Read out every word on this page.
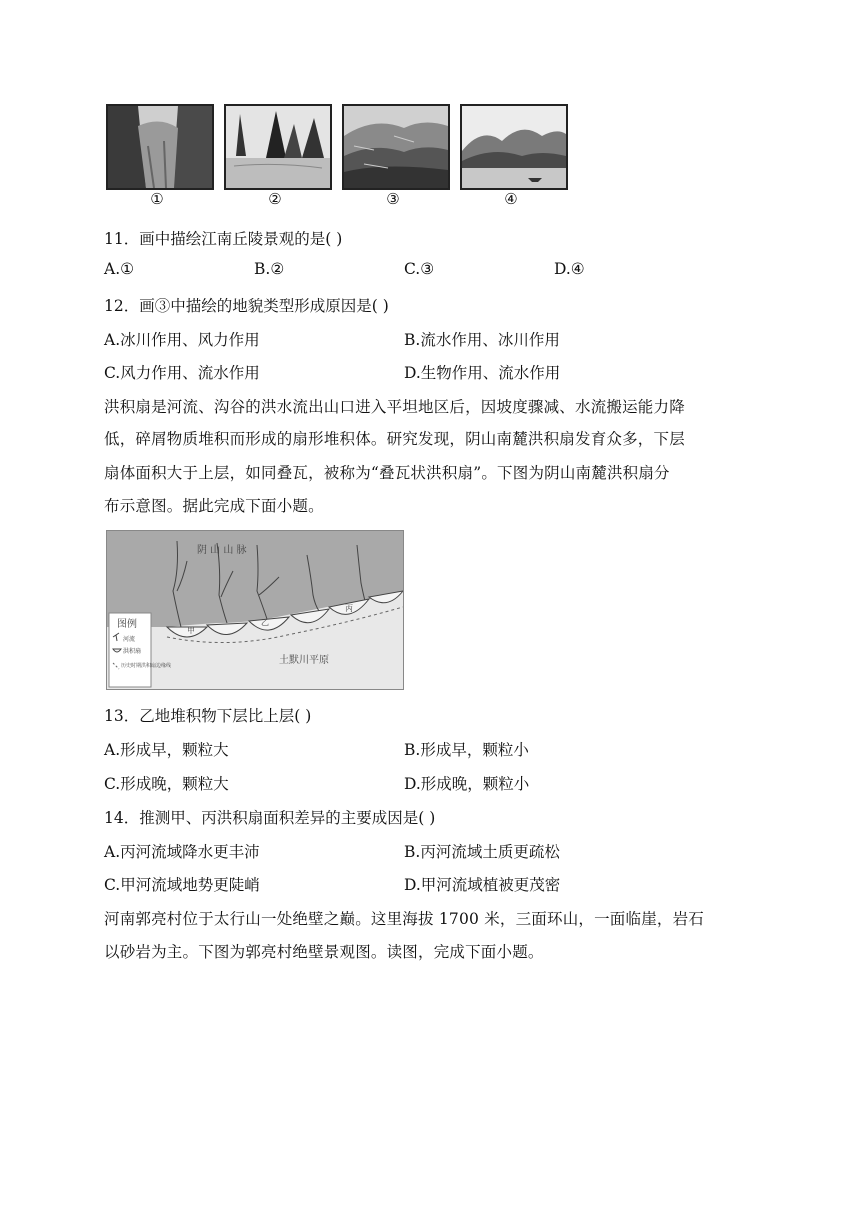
①	②	③	④
11．画中描绘江南丘陵景观的是( )
A.①	B.②	C.③	D.④
12．画③中描绘的地貌类型形成原因是( )
A.冰川作用、风力作用	B.流水作用、冰川作用
C.风力作用、流水作用	D.生物作用、流水作用
洪积扇是河流、沟谷的洪水流出山口进入平坦地区后，因坡度骤减、水流搬运能力降
低，碎屑物质堆积而形成的扇形堆积体。研究发现，阴山南麓洪积扇发育众多，下层
扇体面积大于上层，如同叠瓦，被称为“叠瓦状洪积扇”。下图为阴山南麓洪积扇分
布示意图。据此完成下面小题。
图例
河流
洪积扇
历史时期洪积扇边缘线
阴 山 山 脉
土默川平原
甲
乙
丙
13．乙地堆积物下层比上层( )
A.形成早，颗粒大	B.形成早，颗粒小
C.形成晚，颗粒大	D.形成晚，颗粒小
14．推测甲、丙洪积扇面积差异的主要成因是( )
A.丙河流域降水更丰沛	B.丙河流域土质更疏松
C.甲河流域地势更陡峭	D.甲河流域植被更茂密
河南郭亮村位于太行山一处绝壁之巅。这里海拔 1700 米，三面环山，一面临崖，岩石
以砂岩为主。下图为郭亮村绝壁景观图。读图，完成下面小题。
